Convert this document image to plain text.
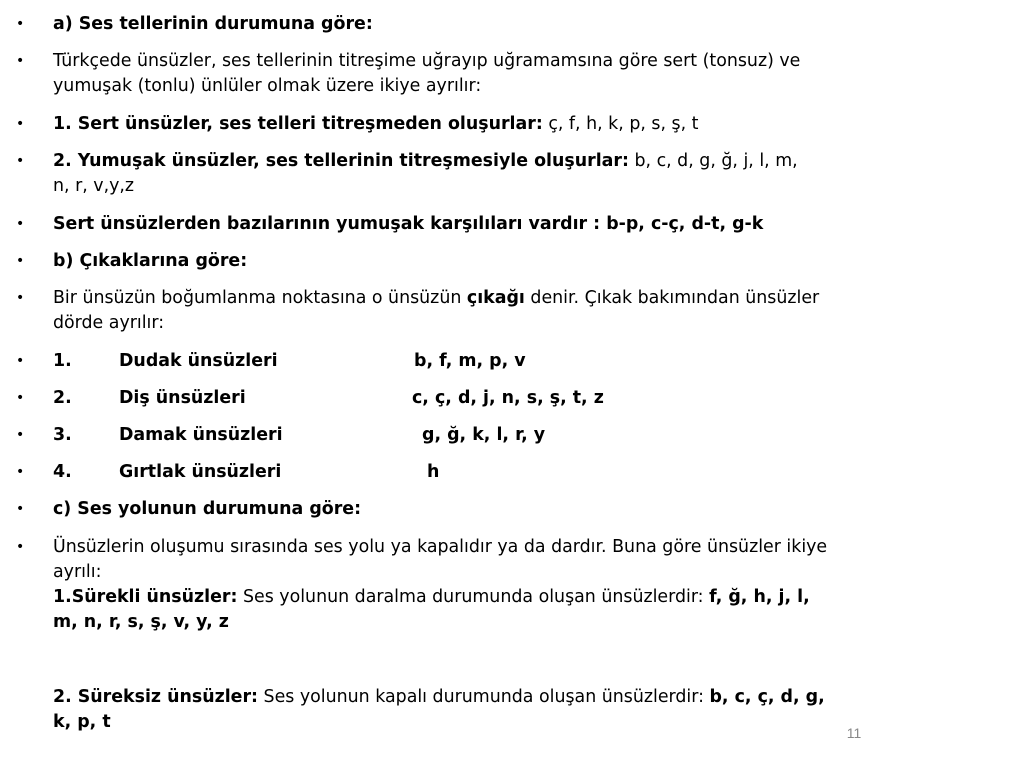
• a) Ses tellerinin durumuna göre:
• Türkçede ünsüzler, ses tellerinin titreşime uğrayıp uğramamsına göre sert (tonsuz) ve
yumuşak (tonlu) ünlüler olmak üzere ikiye ayrılır:
• 1. Sert ünsüzler, ses telleri titreşmeden oluşurlar: ç, f, h, k, p, s, ş, t
• 2. Yumuşak ünsüzler, ses tellerinin titreşmesiyle oluşurlar: b, c, d, g, ğ, j, l, m,
n, r, v,y,z
• Sert ünsüzlerden bazılarının yumuşak karşılıları vardır : b-p, c-ç, d-t, g-k
• b) Çıkaklarına göre:
• Bir ünsüzün boğumlanma noktasına o ünsüzün çıkağı denir. Çıkak bakımından ünsüzler
dörde ayrılır:
• 1.	Dudak ünsüzleri	b, f, m, p, v
• 2.	Diş ünsüzleri	c, ç, d, j, n, s, ş, t, z
• 3.	Damak ünsüzleri	g, ğ, k, l, r, y
• 4.	Gırtlak ünsüzleri	h
• c) Ses yolunun durumuna göre:
• Ünsüzlerin oluşumu sırasında ses yolu ya kapalıdır ya da dardır. Buna göre ünsüzler ikiye
ayrılı:
1.Sürekli ünsüzler: Ses yolunun daralma durumunda oluşan ünsüzlerdir: f, ğ, h, j, l,
m, n, r, s, ş, v, y, z
2. Süreksiz ünsüzler: Ses yolunun kapalı durumunda oluşan ünsüzlerdir: b, c, ç, d, g,
k, p, t
11
